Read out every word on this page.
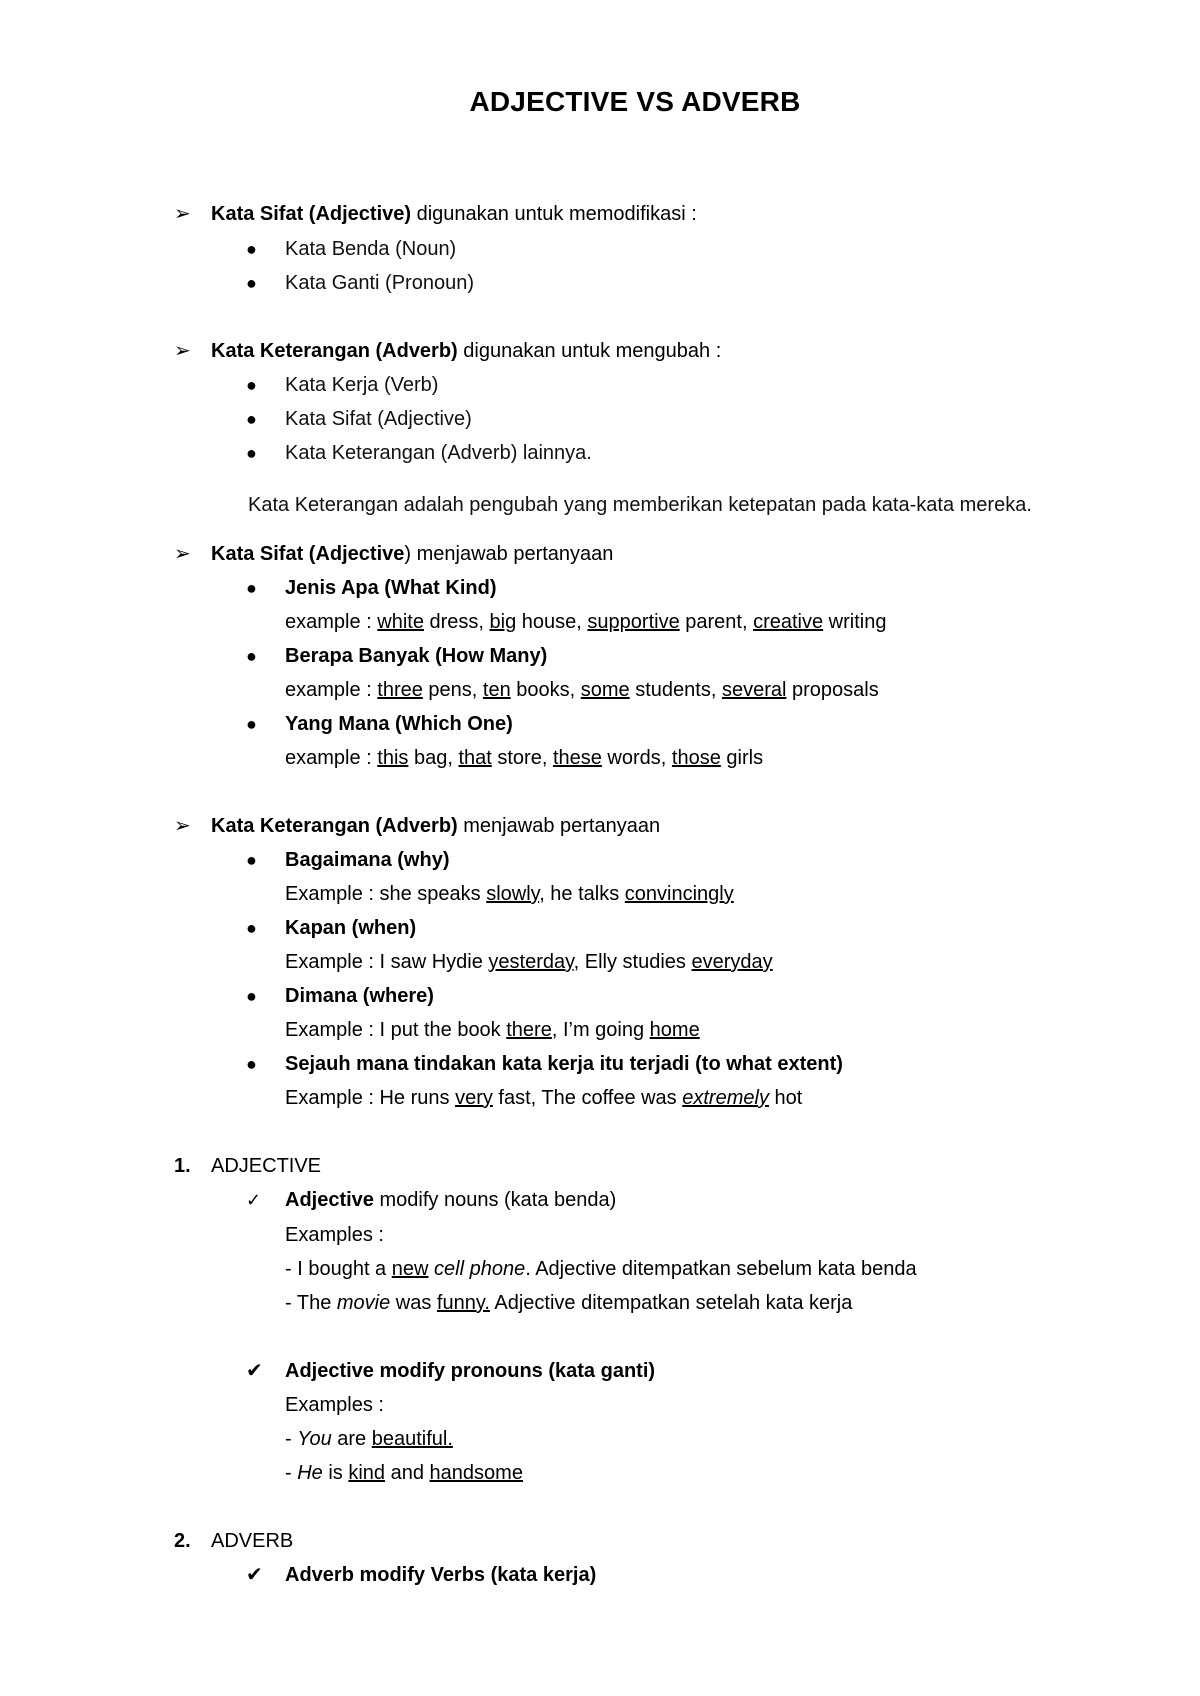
ADJECTIVE VS ADVERB
➢ Kata Sifat (Adjective) digunakan untuk memodifikasi :
● Kata Benda (Noun)
● Kata Ganti (Pronoun)
➢ Kata Keterangan (Adverb) digunakan untuk mengubah :
● Kata Kerja (Verb)
● Kata Sifat (Adjective)
● Kata Keterangan (Adverb) lainnya.
Kata Keterangan adalah pengubah yang memberikan ketepatan pada kata-kata mereka.
➢ Kata Sifat (Adjective) menjawab pertanyaan
● Jenis Apa (What Kind)
example : white dress, big house, supportive parent, creative writing
● Berapa Banyak (How Many)
example : three pens, ten books, some students, several proposals
● Yang Mana (Which One)
example : this bag, that store, these words, those girls
➢ Kata Keterangan (Adverb) menjawab pertanyaan
● Bagaimana (why)
Example : she speaks slowly, he talks convincingly
● Kapan (when)
Example : I saw Hydie yesterday, Elly studies everyday
● Dimana (where)
Example : I put the book there, I’m going home
● Sejauh mana tindakan kata kerja itu terjadi (to what extent)
Example : He runs very fast, The coffee was extremely hot
1. ADJECTIVE
✓ Adjective modify nouns (kata benda)
Examples :
- I bought a new cell phone. Adjective ditempatkan sebelum kata benda
- The movie was funny. Adjective ditempatkan setelah kata kerja
✔ Adjective modify pronouns (kata ganti)
Examples :
- You are beautiful.
- He is kind and handsome
2. ADVERB
✔ Adverb modify Verbs (kata kerja)
